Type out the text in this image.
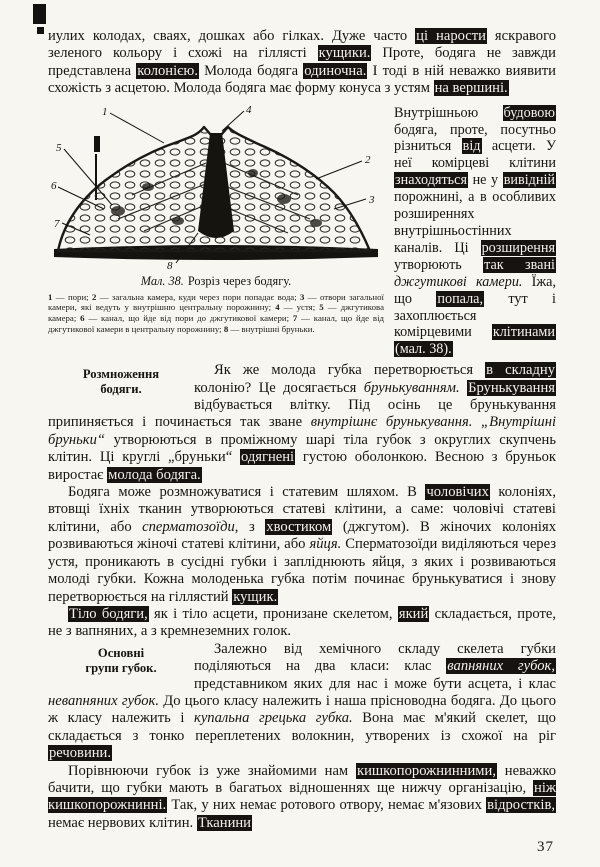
иулих колодах, сваях, дошках або гілках. Дуже часто ці нарости яскравого зеленого кольору і схожі на гіллясті кущики. Проте, бодяга не завжди представлена колонією. Молода бодяга одиночна. І тоді в ній неважко виявити схожість з асцетою. Молода бодяга має форму конуса з устям на вершині.

1
2
3
4
5
6
7
8

Мал. 38. Розріз через бодягу.

1 — пори; 2 — загальна камера, куди через пори попадає вода; 3 — отвори загальної камери, які ведуть у внутрішню центральну порожнину; 4 — устя; 5 — джгутикова камера; 6 — канал, що йде від пори до джгутикової камери; 7 — канал, що йде від джгутикової камери в центральну порожнину; 8 — внутрішні бруньки.

Внутрішньою будовою бодяга, проте, посутньо різниться від асцети. У неї комірцеві клітини знаходяться не у вивідній порожнині, а в особливих розширеннях внутрішньостінних каналів. Ці розширення утворюють так звані джгутикові камери. Їжа, що попала, тут і захоплюється комірцевими клітинами (мал. 38).
Розмноження
бодяги.

Як же молода губка перетворюється в складну колонію? Це досягається брунькуванням. Брунькування відбувається влітку. Під осінь це брунькування припиняється і починається так зване внутрішнє брунькування. „Внутрішні бруньки“ утворюються в проміжному шарі тіла губок з округлих скупчень клітин. Ці круглі „бруньки“ одягнені густою оболонкою. Весною з бруньок виростає молода бодяга.

Бодяга може розмножуватися і статевим шляхом. В чоловічих колоніях, втовщі їхніх тканин утворюються статеві клітини, а саме: чоловічі статеві клітини, або сперматозоїди, з хвостиком (джгутом). В жіночих колоніях розвиваються жіночі статеві клітини, або яйця. Сперматозоїди виділяються через устя, проникають в сусідні губки і запліднюють яйця, з яких і розвиваються молоді губки. Кожна молоденька губка потім починає брунькуватися і знову перетворюється на гіллястий кущик.

Тіло бодяги, як і тіло асцети, пронизане скелетом, який складається, проте, не з вапняних, а з кремнеземних голок.

Основні
групи губок.

Залежно від хемічного складу скелета губки поділяються на два класи: клас вапняних губок, представником яких для нас і може бути асцета, і клас невапняних губок. До цього класу належить і наша прісноводна бодяга. До цього ж класу належить і купальна грецька губка. Вона має м'який скелет, що складається з тонко переплетених волокнин, утворених із схожої на ріг речовини.

Порівнюючи губок із уже знайомими нам кишкопорожнинними, неважко бачити, що губки мають в багатьох відношеннях ще нижчу організацію, ніж кишкопорожнинні. Так, у них немає ротового отвору, немає м'язових відростків, немає нервових клітин. Тканини

37
